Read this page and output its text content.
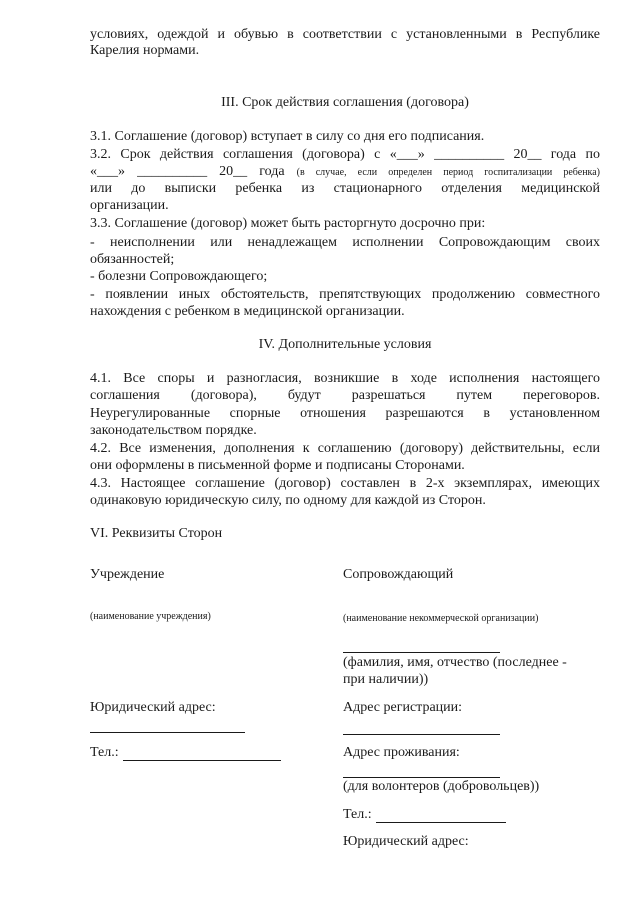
условиях, одеждой и обувью в соответствии с установленными в Республике
Карелия нормами.
III. Срок действия соглашения (договора)
3.1. Соглашение (договор) вступает в силу со дня его подписания.
3.2. Срок действия соглашения (договора) с «___» __________ 20__ года по
«___» __________ 20__ года (в случае, если определен период госпитализации ребенка)
или до выписки ребенка из стационарного отделения медицинской
организации.
3.3. Соглашение (договор) может быть расторгнуто досрочно при:
- неисполнении или ненадлежащем исполнении Сопровождающим своих
обязанностей;
- болезни Сопровождающего;
- появлении иных обстоятельств, препятствующих продолжению совместного
нахождения с ребенком в медицинской организации.
IV. Дополнительные условия
4.1. Все споры и разногласия, возникшие в ходе исполнения настоящего
соглашения (договора), будут разрешаться путем переговоров.
Неурегулированные спорные отношения разрешаются в установленном
законодательством порядке.
4.2. Все изменения, дополнения к соглашению (договору) действительны, если
они оформлены в письменной форме и подписаны Сторонами.
4.3. Настоящее соглашение (договор) составлен в 2-х экземплярах, имеющих
одинаковую юридическую силу, по одному для каждой из Сторон.
VI. Реквизиты Сторон
Учреждение
(наименование учреждения)
Юридический адрес:
Тел.:
Сопровождающий
(наименование некоммерческой организации)
(фамилия, имя, отчество (последнее -
при наличии))
Адрес регистрации:
Адрес проживания:
(для волонтеров (добровольцев))
Тел.:
Юридический адрес:
